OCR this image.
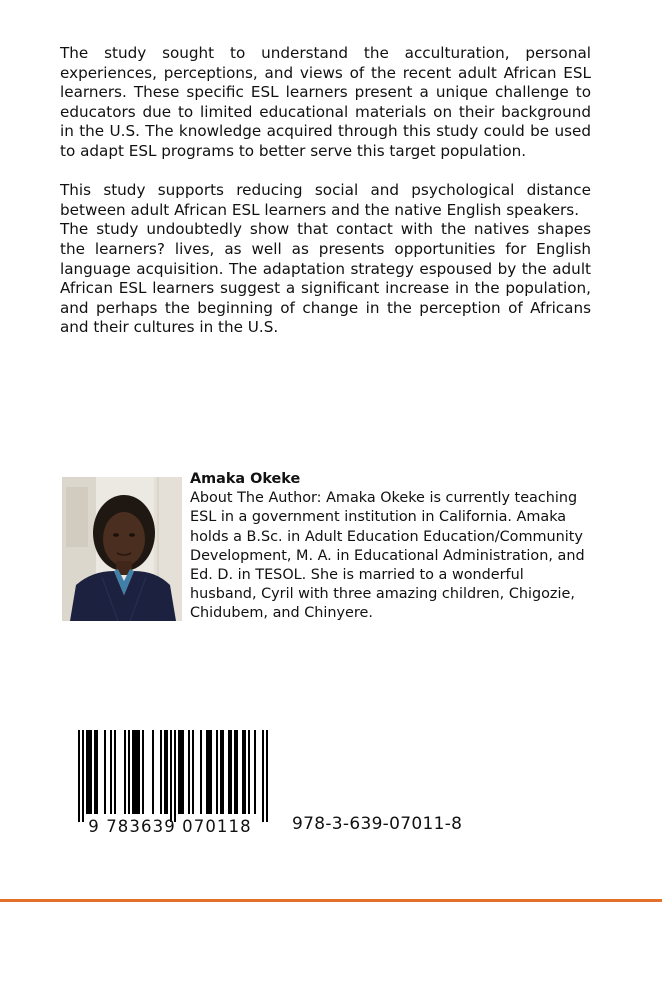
The study sought to understand the acculturation, personal experiences, perceptions, and views of the recent adult African ESL learners. These specific ESL learners present a unique challenge to educators due to limited educational materials on their background in the U.S. The knowledge acquired through this study could be used to adapt ESL programs to better serve this target population.

This study supports reducing social and psychological distance between adult African ESL learners and the native English speakers.

The study undoubtedly show that contact with the natives shapes the learners? lives, as well as presents opportunities for English language acquisition. The adaptation strategy espoused by the adult African ESL learners suggest a significant increase in the population, and perhaps the beginning of change in the perception of Africans and their cultures in the U.S.

Amaka Okeke

About The Author: Amaka Okeke is currently teaching ESL in a government institution in California. Amaka holds a B.Sc. in Adult Education Education/Community Development, M. A. in Educational Administration, and Ed. D. in TESOL. She is married to a wonderful husband, Cyril with three amazing children, Chigozie, Chidubem, and Chinyere.

9 783639 070118 978-3-639-07011-8
